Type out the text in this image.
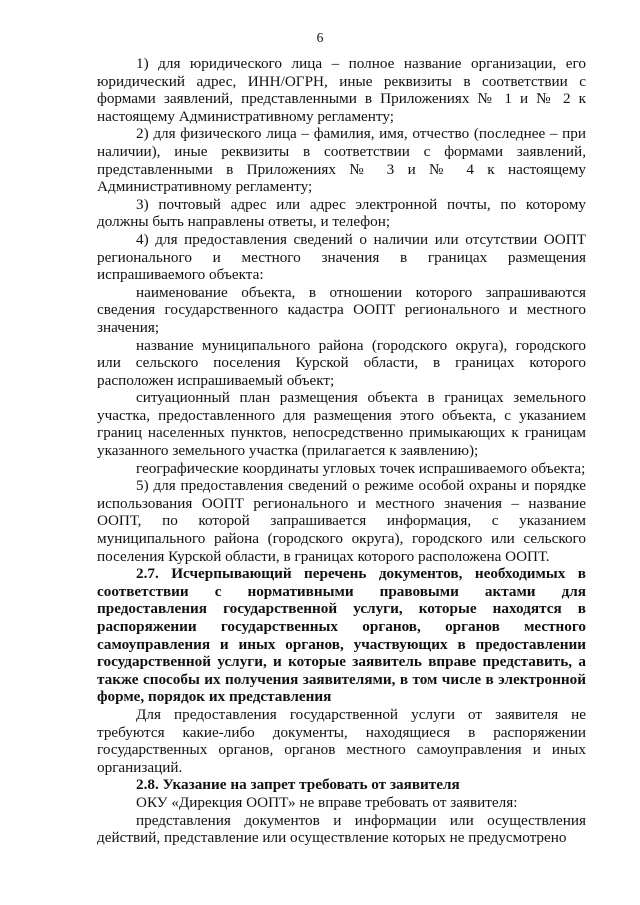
6

1) для юридического лица – полное название организации, его юридический адрес, ИНН/ОГРН, иные реквизиты в соответствии с формами заявлений, представленными в Приложениях № 1 и № 2 к настоящему Административному регламенту;

2) для физического лица – фамилия, имя, отчество (последнее – при наличии), иные реквизиты в соответствии с формами заявлений, представленными в Приложениях № 3 и № 4 к настоящему Административному регламенту;

3) почтовый адрес или адрес электронной почты, по которому должны быть направлены ответы, и телефон;

4) для предоставления сведений о наличии или отсутствии ООПТ регионального и местного значения в границах размещения испрашиваемого объекта:

наименование объекта, в отношении которого запрашиваются сведения государственного кадастра ООПТ регионального и местного значения;

название муниципального района (городского округа), городского или сельского поселения Курской области, в границах которого расположен испрашиваемый объект;

ситуационный план размещения объекта в границах земельного участка, предоставленного для размещения этого объекта, с указанием границ населенных пунктов, непосредственно примыкающих к границам указанного земельного участка (прилагается к заявлению);

географические координаты угловых точек испрашиваемого объекта;

5) для предоставления сведений о режиме особой охраны и порядке использования ООПТ регионального и местного значения – название ООПТ, по которой запрашивается информация, с указанием муниципального района (городского округа), городского или сельского поселения Курской области, в границах которого расположена ООПТ.

2.7. Исчерпывающий перечень документов, необходимых в соответствии с нормативными правовыми актами для предоставления государственной услуги, которые находятся в распоряжении государственных органов, органов местного самоуправления и иных органов, участвующих в предоставлении государственной услуги, и которые заявитель вправе представить, а также способы их получения заявителями, в том числе в электронной форме, порядок их представления

Для предоставления государственной услуги от заявителя не требуются какие-либо документы, находящиеся в распоряжении государственных органов, органов местного самоуправления и иных организаций.

2.8. Указание на запрет требовать от заявителя

ОКУ «Дирекция ООПТ» не вправе требовать от заявителя:

представления документов и информации или осуществления действий, представление или осуществление которых не предусмотрено
